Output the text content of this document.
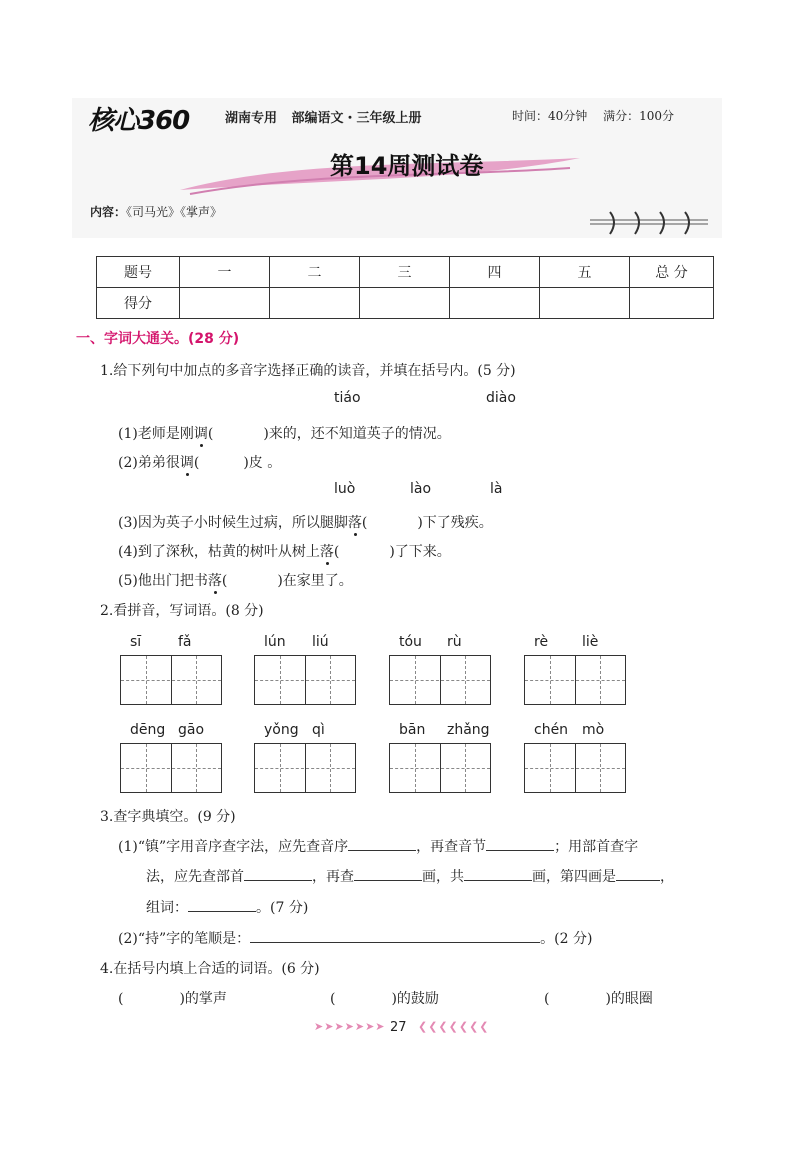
核心360	湖南专用 部编语文・三年级上册	时间：40分钟 满分：100分
第14周测试卷
内容：《司马光》《掌声》
题号	一	二	三	四	五	总 分
得分						
一、字词大通关。(28 分)
1.给下列句中加点的多音字选择正确的读音，并填在括号内。(5 分)
tiáo	diào
(1)老师是刚调(	)来的，还不知道英子的情况。
(2)弟弟很调(	)皮 。
luò	lào	là
(3)因为英子小时候生过病，所以腿脚落(	)下了残疾。
(4)到了深秋，枯黄的树叶从树上落(	)了下来。
(5)他出门把书落(	)在家里了。
2.看拼音，写词语。(8 分)
sī	fǎ	lún liú	tóu rù	rè liè
dēng gāo	yǒng qì	bān zhǎng	chén mò
3.查字典填空。(9 分)
(1)“镇”字用音序查字法，应先查音序	，再查音节	；用部首查字
法，应先查部首	，再查	画，共	画，第四画是	，
组词：	。(7 分)
(2)“持”字的笔顺是：	。(2 分)
4.在括号内填上合适的词语。(6 分)
(　　　　)的掌声	(　　　　)的鼓励	(　　　　)的眼圈
➤➤➤➤➤➤➤ 27 ❮❮❮❮❮❮❮
